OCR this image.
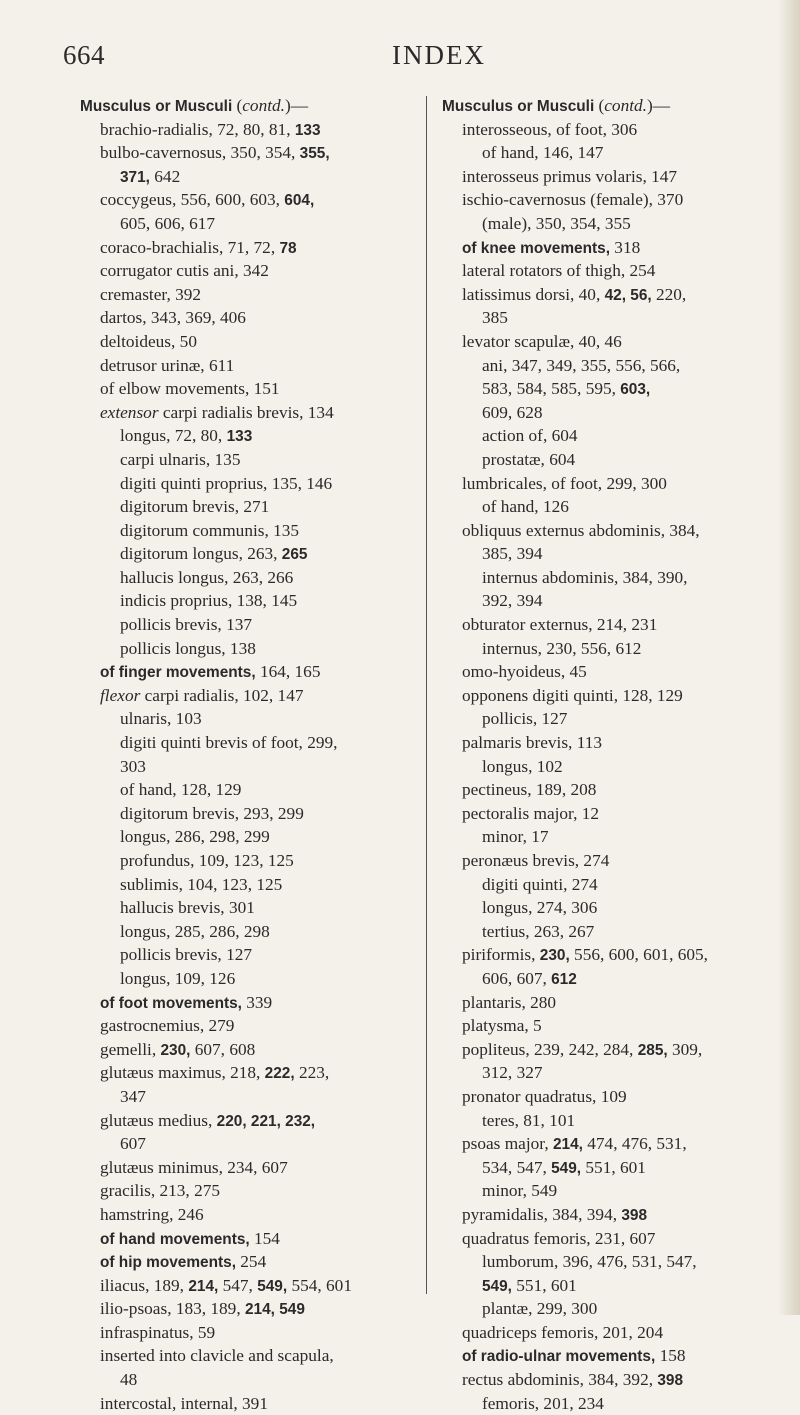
664	INDEX
Musculus or Musculi (contd.)—
brachio-radialis, 72, 80, 81, 133
bulbo-cavernosus, 350, 354, 355,
371, 642
coccygeus, 556, 600, 603, 604,
605, 606, 617
coraco-brachialis, 71, 72, 78
corrugator cutis ani, 342
cremaster, 392
dartos, 343, 369, 406
deltoideus, 50
detrusor urinæ, 611
of elbow movements, 151
extensor carpi radialis brevis, 134
longus, 72, 80, 133
carpi ulnaris, 135
digiti quinti proprius, 135, 146
digitorum brevis, 271
digitorum communis, 135
digitorum longus, 263, 265
hallucis longus, 263, 266
indicis proprius, 138, 145
pollicis brevis, 137
pollicis longus, 138
of finger movements, 164, 165
flexor carpi radialis, 102, 147
ulnaris, 103
digiti quinti brevis of foot, 299,
303
of hand, 128, 129
digitorum brevis, 293, 299
longus, 286, 298, 299
profundus, 109, 123, 125
sublimis, 104, 123, 125
hallucis brevis, 301
longus, 285, 286, 298
pollicis brevis, 127
longus, 109, 126
of foot movements, 339
gastrocnemius, 279
gemelli, 230, 607, 608
glutæus maximus, 218, 222, 223,
347
glutæus medius, 220, 221, 232,
607
glutæus minimus, 234, 607
gracilis, 213, 275
hamstring, 246
of hand movements, 154
of hip movements, 254
iliacus, 189, 214, 547, 549, 554, 601
ilio-psoas, 183, 189, 214, 549
infraspinatus, 59
inserted into clavicle and scapula,
48
intercostal, internal, 391
Musculus or Musculi (contd.)—
interosseous, of foot, 306
of hand, 146, 147
interosseus primus volaris, 147
ischio-cavernosus (female), 370
(male), 350, 354, 355
of knee movements, 318
lateral rotators of thigh, 254
latissimus dorsi, 40, 42, 56, 220,
385
levator scapulæ, 40, 46
ani, 347, 349, 355, 556, 566,
583, 584, 585, 595, 603,
609, 628
action of, 604
prostatæ, 604
lumbricales, of foot, 299, 300
of hand, 126
obliquus externus abdominis, 384,
385, 394
internus abdominis, 384, 390,
392, 394
obturator externus, 214, 231
internus, 230, 556, 612
omo-hyoideus, 45
opponens digiti quinti, 128, 129
pollicis, 127
palmaris brevis, 113
longus, 102
pectineus, 189, 208
pectoralis major, 12
minor, 17
peronæus brevis, 274
digiti quinti, 274
longus, 274, 306
tertius, 263, 267
piriformis, 230, 556, 600, 601, 605,
606, 607, 612
plantaris, 280
platysma, 5
popliteus, 239, 242, 284, 285, 309,
312, 327
pronator quadratus, 109
teres, 81, 101
psoas major, 214, 474, 476, 531,
534, 547, 549, 551, 601
minor, 549
pyramidalis, 384, 394, 398
quadratus femoris, 231, 607
lumborum, 396, 476, 531, 547,
549, 551, 601
plantæ, 299, 300
quadriceps femoris, 201, 204
of radio-ulnar movements, 158
rectus abdominis, 384, 392, 398
femoris, 201, 234
